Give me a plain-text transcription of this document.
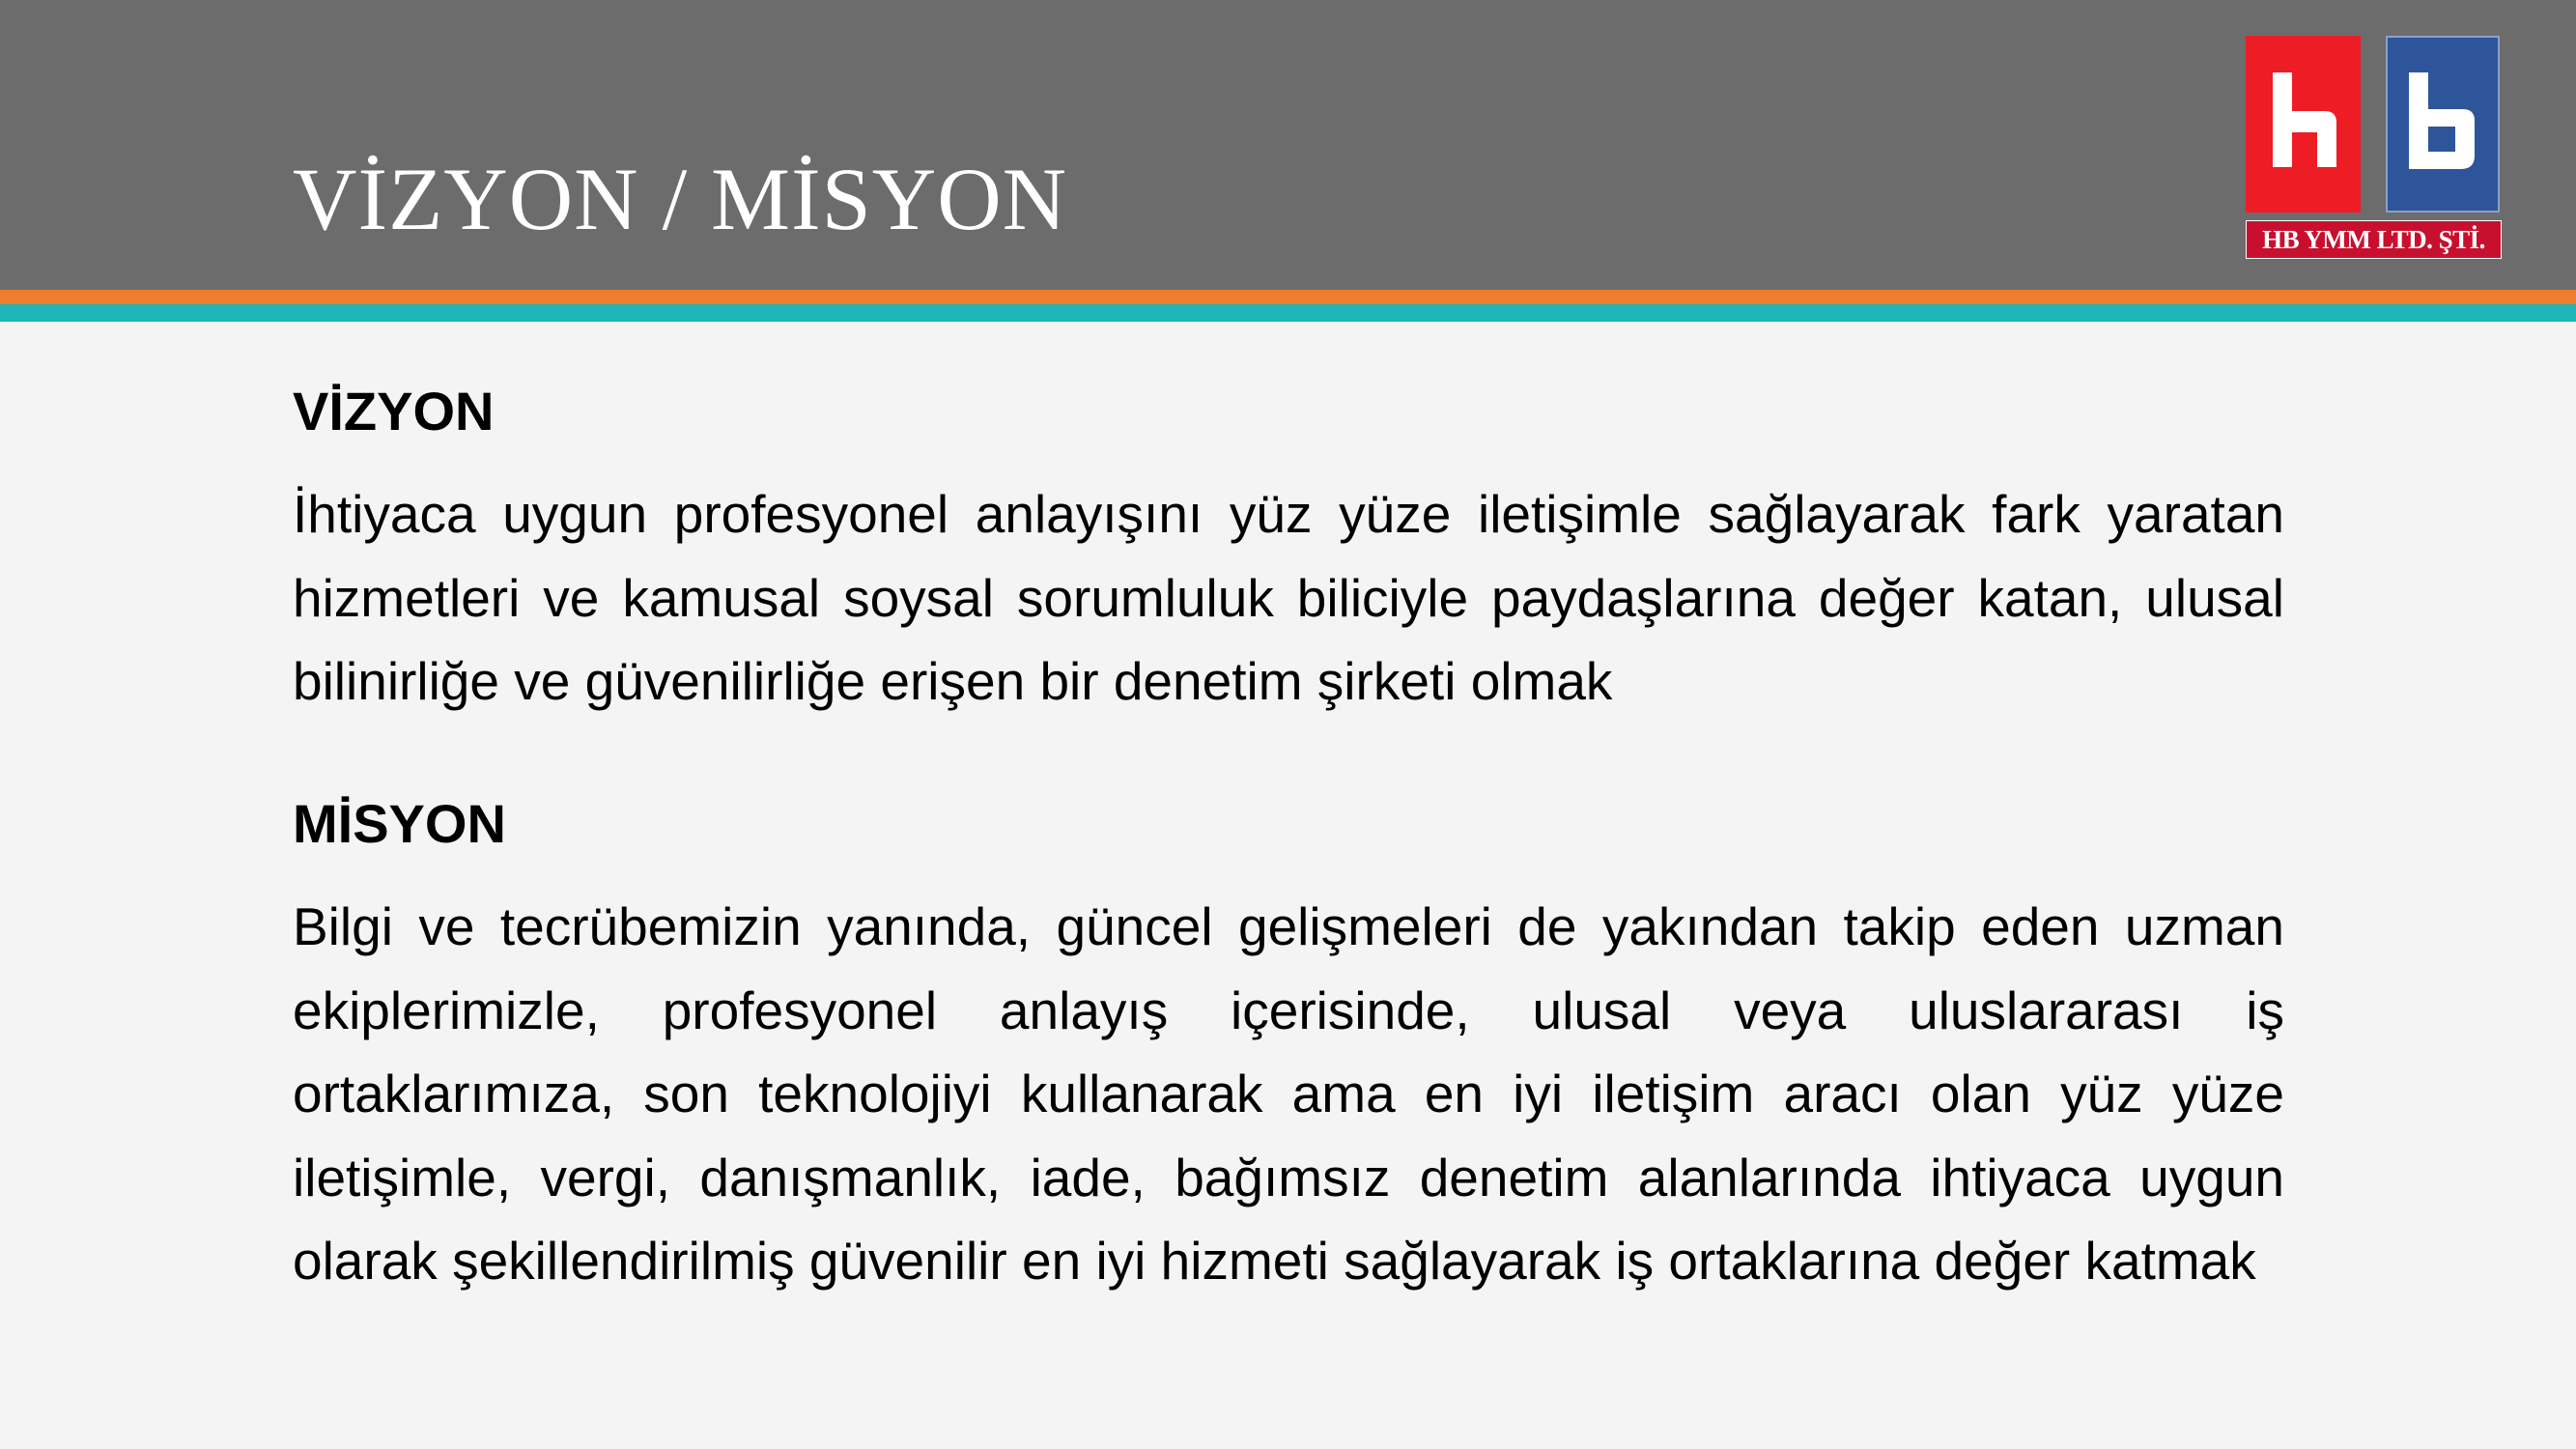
VİZYON / MİSYON	HB YMM LTD. ŞTİ.
VİZYON

İhtiyaca uygun profesyonel anlayışını yüz yüze iletişimle sağlayarak fark yaratan hizmetleri ve kamusal soysal sorumluluk biliciyle paydaşlarına değer katan, ulusal bilinirliğe ve güvenilirliğe erişen bir denetim şirketi olmak

MİSYON

Bilgi ve tecrübemizin yanında, güncel gelişmeleri de yakından takip eden uzman ekiplerimizle, profesyonel anlayış içerisinde, ulusal veya uluslararası iş ortaklarımıza, son teknolojiyi kullanarak ama en iyi iletişim aracı olan yüz yüze iletişimle, vergi, danışmanlık, iade, bağımsız denetim alanlarında ihtiyaca uygun olarak şekillendirilmiş güvenilir en iyi hizmeti sağlayarak iş ortaklarına değer katmak
